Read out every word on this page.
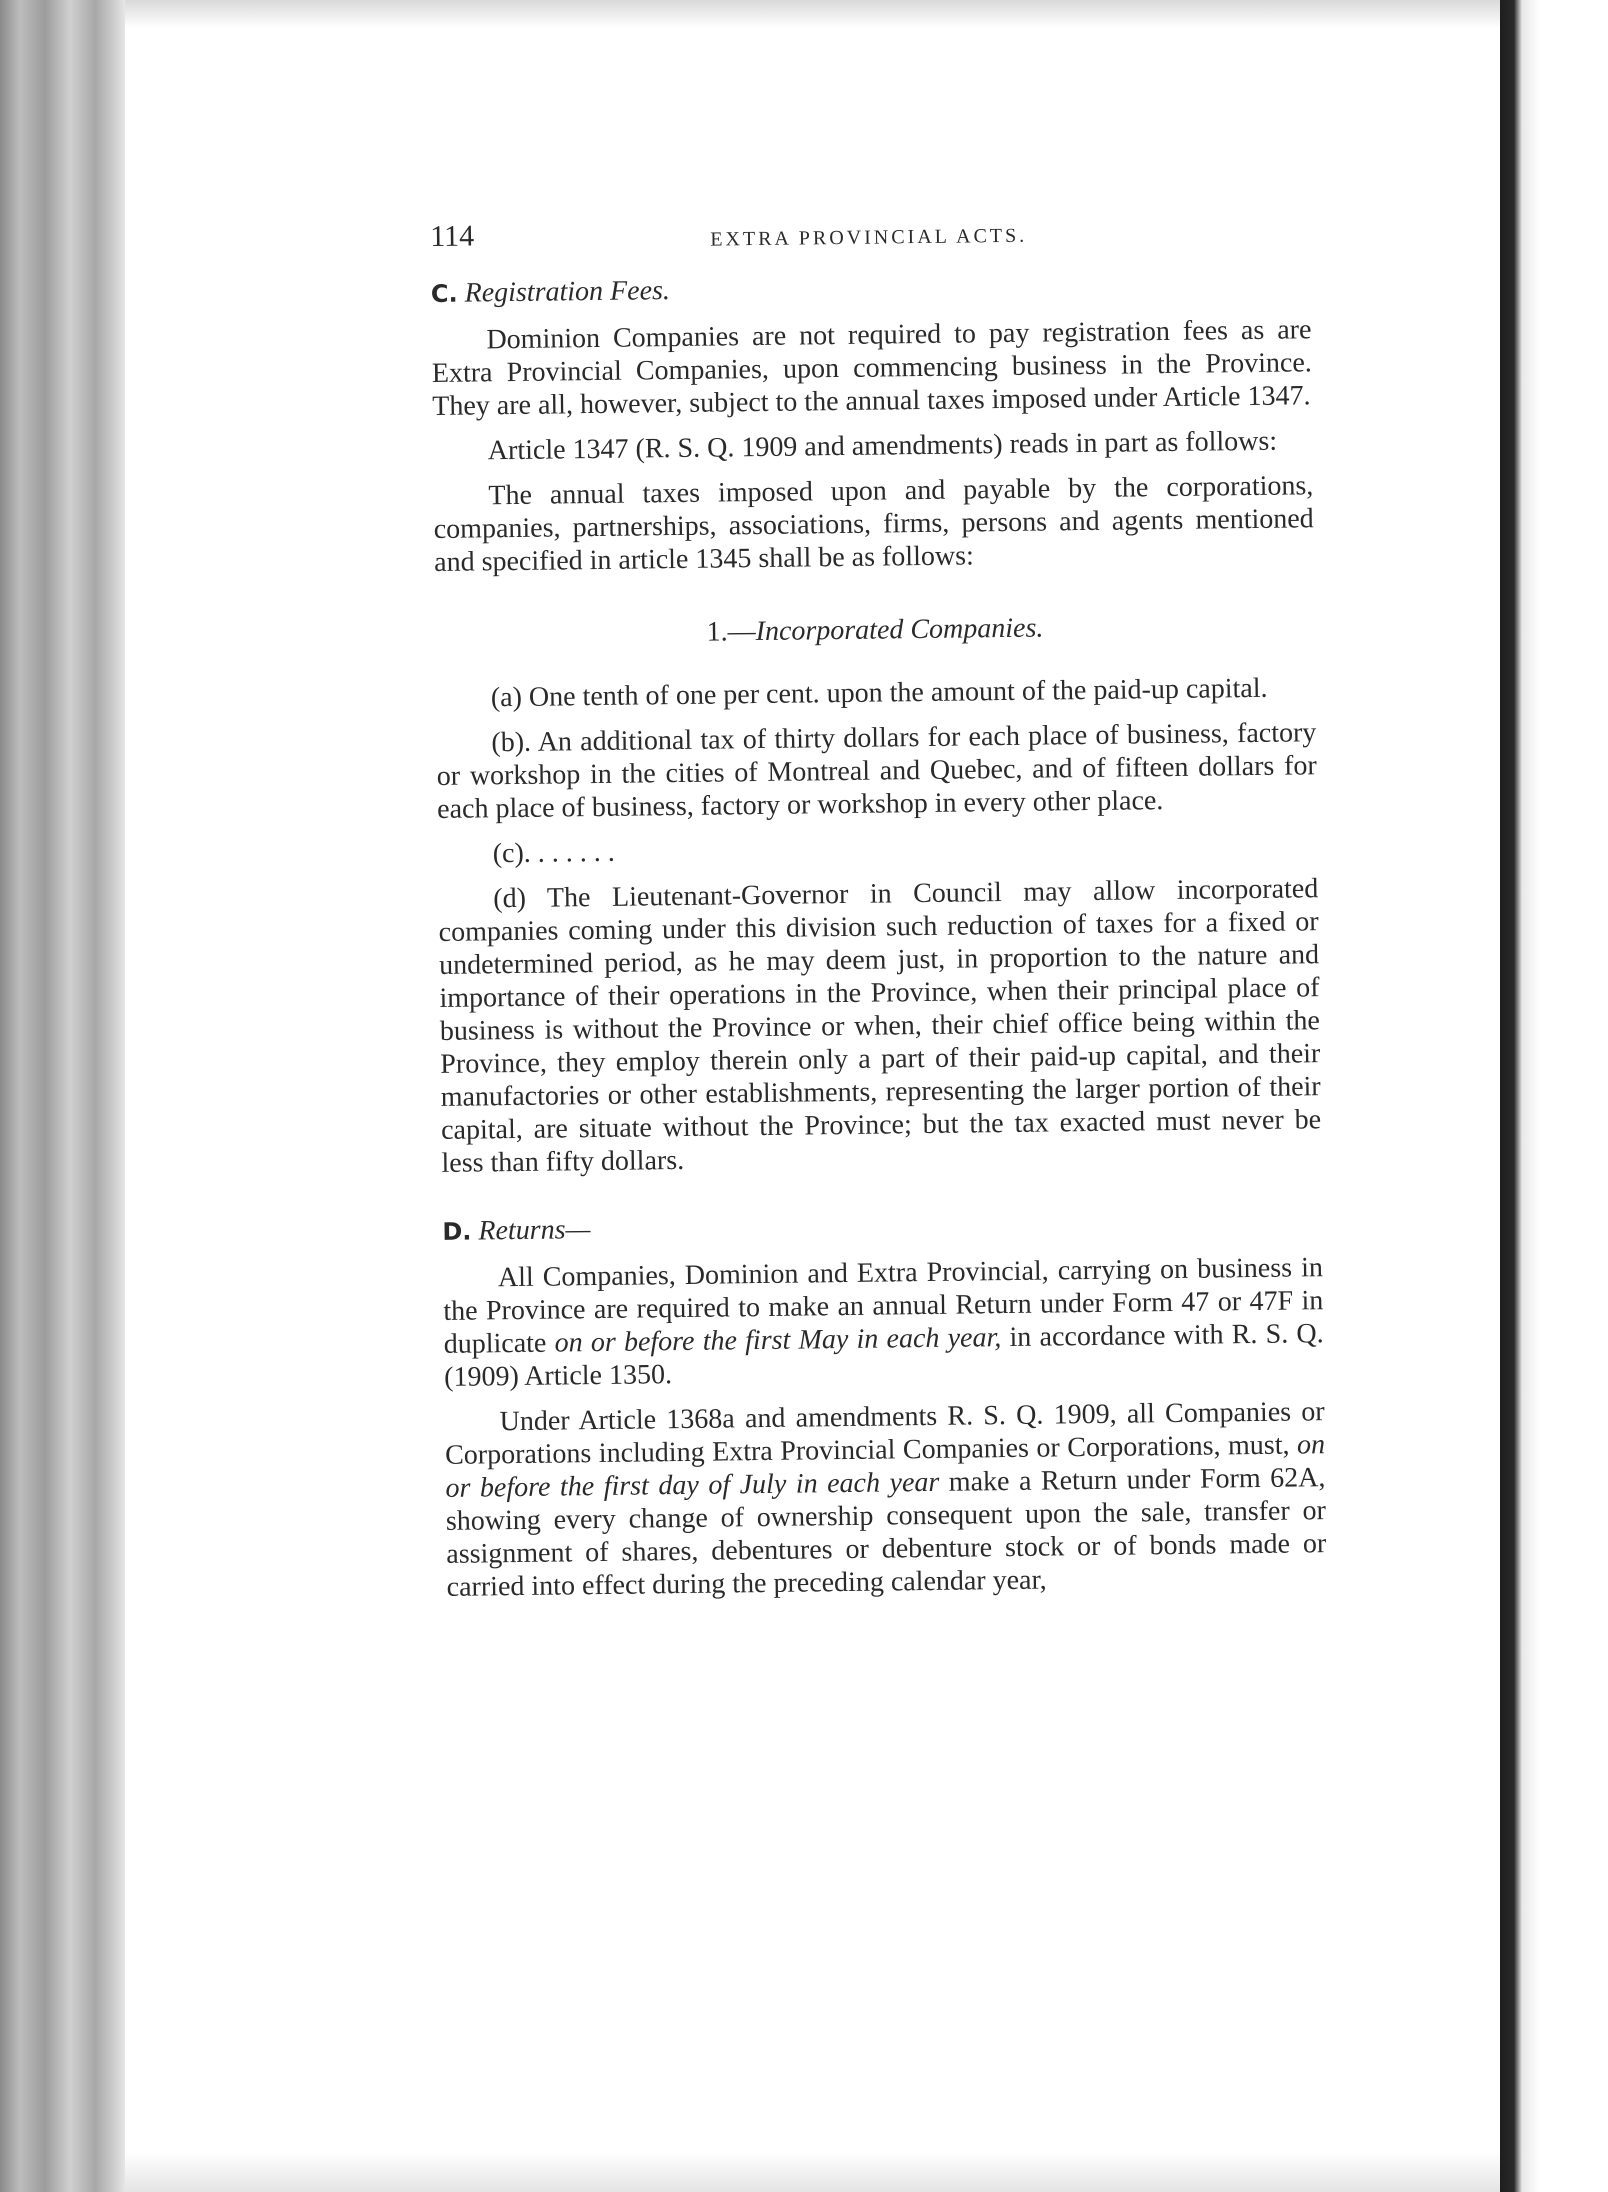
114	EXTRA PROVINCIAL ACTS.
C. Registration Fees.

Dominion Companies are not required to pay registration fees as are Extra Provincial Companies, upon commencing business in the Province. They are all, however, subject to the annual taxes imposed under Article 1347.

Article 1347 (R. S. Q. 1909 and amendments) reads in part as follows:

The annual taxes imposed upon and payable by the corporations, companies, partnerships, associations, firms, persons and agents mentioned and specified in article 1345 shall be as follows:

1.—Incorporated Companies.

(a) One tenth of one per cent. upon the amount of the paid-up capital.

(b). An additional tax of thirty dollars for each place of business, factory or workshop in the cities of Montreal and Quebec, and of fifteen dollars for each place of business, factory or workshop in every other place.

(c). . . . . . .

(d) The Lieutenant-Governor in Council may allow incorporated companies coming under this division such reduction of taxes for a fixed or undetermined period, as he may deem just, in proportion to the nature and importance of their operations in the Province, when their principal place of business is without the Province or when, their chief office being within the Province, they employ therein only a part of their paid-up capital, and their manufactories or other establishments, representing the larger portion of their capital, are situate without the Province; but the tax exacted must never be less than fifty dollars.

D. Returns—

All Companies, Dominion and Extra Provincial, carrying on business in the Province are required to make an annual Return under Form 47 or 47F in duplicate on or before the first May in each year, in accordance with R. S. Q. (1909) Article 1350.

Under Article 1368a and amendments R. S. Q. 1909, all Companies or Corporations including Extra Provincial Companies or Corporations, must, on or before the first day of July in each year make a Return under Form 62A, showing every change of ownership consequent upon the sale, transfer or assignment of shares, debentures or debenture stock or of bonds made or carried into effect during the preceding calendar year,
